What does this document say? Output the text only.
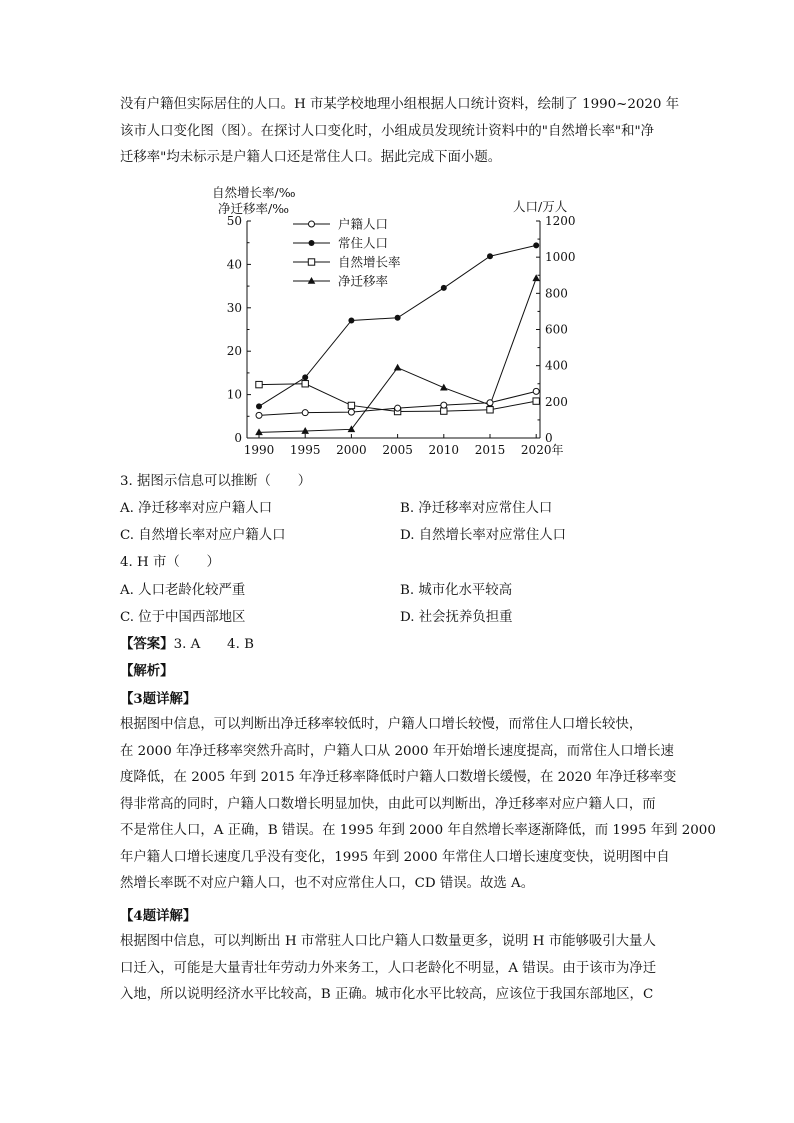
没有户籍但实际居住的人口。H 市某学校地理小组根据人口统计资料，绘制了 1990~2020 年
该市人口变化图（图）。在探讨人口变化时，小组成员发现统计资料中的"自然增长率"和"净
迁移率"均未标示是户籍人口还是常住人口。据此完成下面小题。
自然增长率/‰
净迁移率/‰	人口/万人
0
10
20
30
40
50
0
200
400
600
800
1000
1200
1990 1995 2000 2005 2010 2015 2020年
户籍人口
常住人口
自然增长率
净迁移率
3. 据图示信息可以推断（　　）
A. 净迁移率对应户籍人口	B. 净迁移率对应常住人口
C. 自然增长率对应户籍人口	D. 自然增长率对应常住人口
4. H 市（　　）
A. 人口老龄化较严重	B. 城市化水平较高
C. 位于中国西部地区	D. 社会抚养负担重
【答案】3. A　　4. B
【解析】
【3题详解】
根据图中信息，可以判断出净迁移率较低时，户籍人口增长较慢，而常住人口增长较快，
在 2000 年净迁移率突然升高时，户籍人口从 2000 年开始增长速度提高，而常住人口增长速
度降低，在 2005 年到 2015 年净迁移率降低时户籍人口数增长缓慢，在 2020 年净迁移率变
得非常高的同时，户籍人口数增长明显加快，由此可以判断出，净迁移率对应户籍人口，而
不是常住人口，A 正确，B 错误。在 1995 年到 2000 年自然增长率逐渐降低，而 1995 年到 2000
年户籍人口增长速度几乎没有变化，1995 年到 2000 年常住人口增长速度变快，说明图中自
然增长率既不对应户籍人口，也不对应常住人口，CD 错误。故选 A。
【4题详解】
根据图中信息，可以判断出 H 市常驻人口比户籍人口数量更多，说明 H 市能够吸引大量人
口迁入，可能是大量青壮年劳动力外来务工，人口老龄化不明显，A 错误。由于该市为净迁
入地，所以说明经济水平比较高，B 正确。城市化水平比较高，应该位于我国东部地区，C
